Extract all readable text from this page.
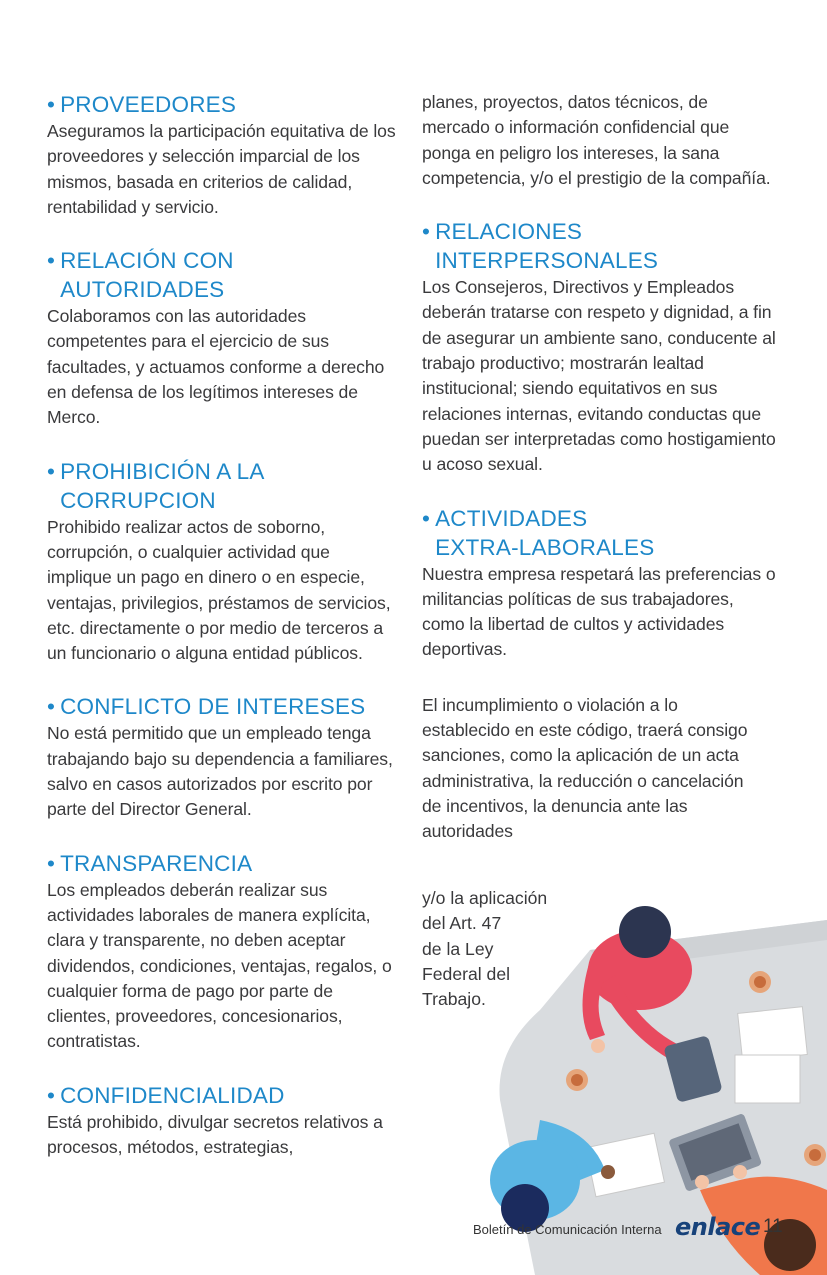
• PROVEEDORES

Aseguramos la participación equitativa de los proveedores y selección imparcial de los mismos, basada en criterios de calidad, rentabilidad y servicio.

• RELACIÓN CON
AUTORIDADES

Colaboramos con las autoridades competentes para el ejercicio de sus facultades, y actuamos conforme a derecho en defensa de los legítimos intereses de Merco.

• PROHIBICIÓN A LA
CORRUPCION

Prohibido realizar actos de soborno, corrupción, o cualquier actividad que implique un pago en dinero o en especie, ventajas, privilegios, préstamos de servicios, etc. directamente o por medio de terceros a un funcionario o alguna entidad públicos.

• CONFLICTO DE INTERESES

No está permitido que un empleado tenga trabajando bajo su dependencia a familiares, salvo en casos autorizados por escrito por parte del Director General.

• TRANSPARENCIA

Los empleados deberán realizar sus actividades laborales de manera explícita, clara y transparente, no deben aceptar dividendos, condiciones, ventajas, regalos, o cualquier forma de pago por parte de clientes, proveedores, concesionarios, contratistas.

• CONFIDENCIALIDAD

Está prohibido, divulgar secretos relativos a procesos, métodos, estrategias,

planes, proyectos, datos técnicos, de mercado o información confidencial que ponga en peligro los intereses, la sana competencia, y/o el prestigio de la compañía.

• RELACIONES
INTERPERSONALES

Los Consejeros, Directivos y Empleados deberán tratarse con respeto y dignidad, a fin de asegurar un ambiente sano, conducente al trabajo productivo; mostrarán lealtad institucional; siendo equitativos en sus relaciones internas, evitando conductas que puedan ser interpretadas como hostigamiento u acoso sexual.

• ACTIVIDADES
EXTRA-LABORALES

Nuestra empresa respetará las preferencias o militancias políticas de sus trabajadores, como la libertad de cultos y actividades deportivas.

El incumplimiento o violación a lo establecido en este código, traerá consigo sanciones, como la aplicación de un acta administrativa, la reducción o cancelación de incentivos, la denuncia ante las autoridades

y/o la aplicación
del Art. 47
de la Ley
Federal del
Trabajo.
Boletín de Comunicación Interna enlace 11
